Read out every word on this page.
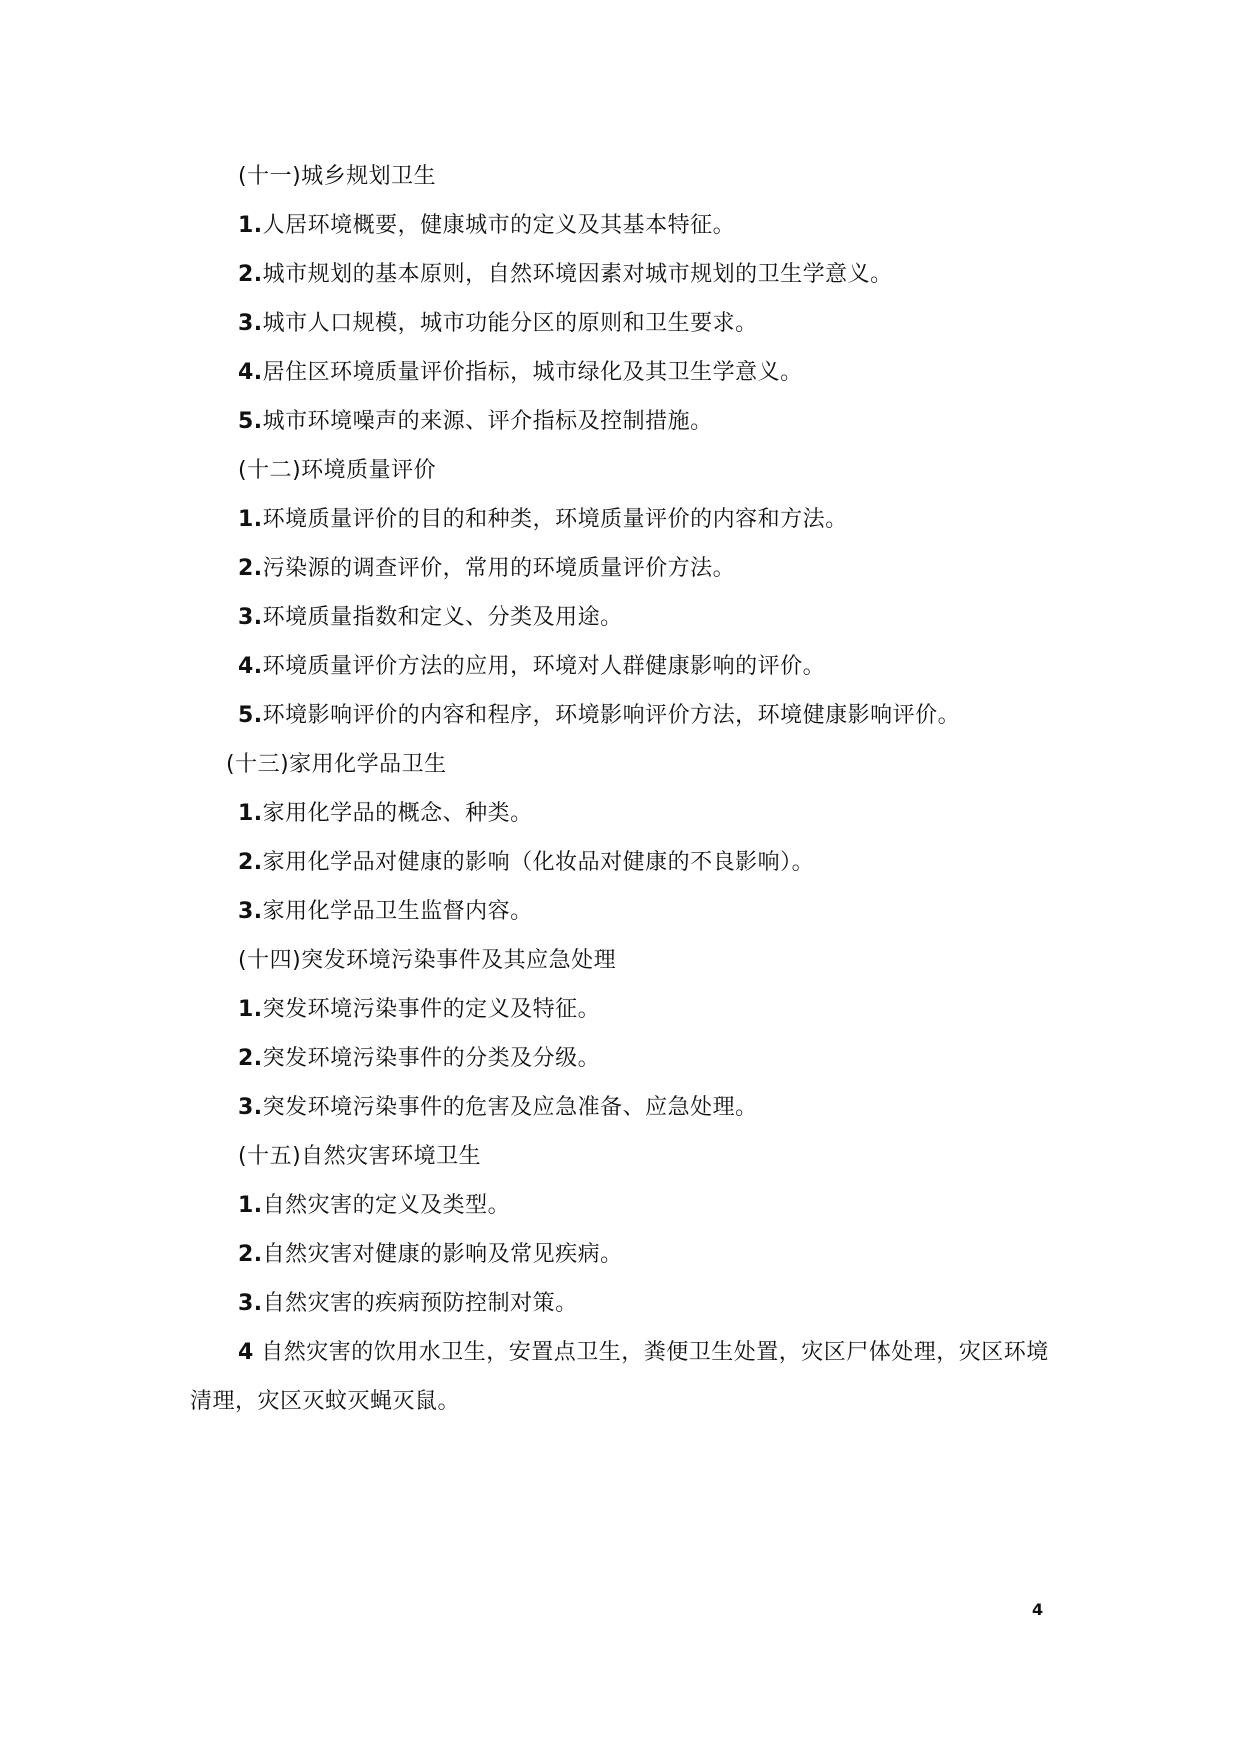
(十一)城乡规划卫生
1.人居环境概要，健康城市的定义及其基本特征。
2.城市规划的基本原则，自然环境因素对城市规划的卫生学意义。
3.城市人口规模，城市功能分区的原则和卫生要求。
4.居住区环境质量评价指标，城市绿化及其卫生学意义。
5.城市环境噪声的来源、评介指标及控制措施。
(十二)环境质量评价
1.环境质量评价的目的和种类，环境质量评价的内容和方法。
2.污染源的调查评价，常用的环境质量评价方法。
3.环境质量指数和定义、分类及用途。
4.环境质量评价方法的应用，环境对人群健康影响的评价。
5.环境影响评价的内容和程序，环境影响评价方法，环境健康影响评价。
(十三)家用化学品卫生
1.家用化学品的概念、种类。
2.家用化学品对健康的影响（化妆品对健康的不良影响）。
3.家用化学品卫生监督内容。
(十四)突发环境污染事件及其应急处理
1.突发环境污染事件的定义及特征。
2.突发环境污染事件的分类及分级。
3.突发环境污染事件的危害及应急准备、应急处理。
(十五)自然灾害环境卫生
1.自然灾害的定义及类型。
2.自然灾害对健康的影响及常见疾病。
3.自然灾害的疾病预防控制对策。
4 自然灾害的饮用水卫生，安置点卫生，粪便卫生处置，灾区尸体处理，灾区环境清理，灾区灭蚊灭蝇灭鼠。
4
